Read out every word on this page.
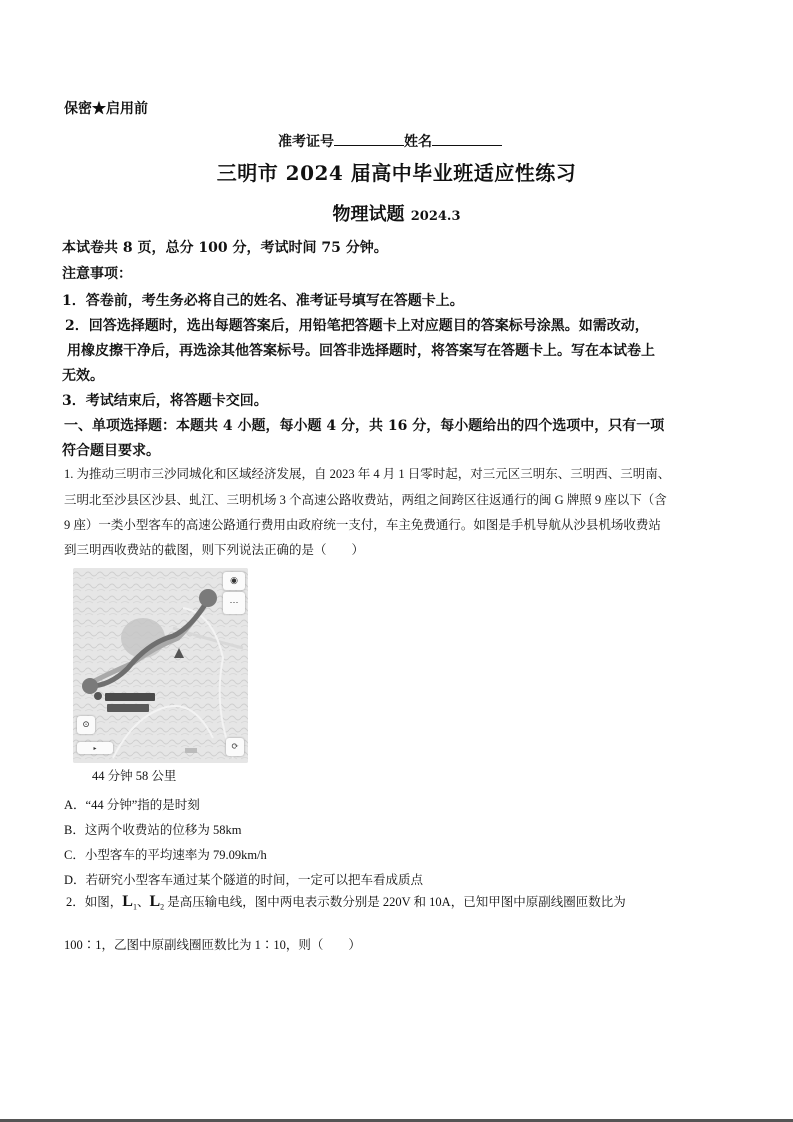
保密★启用前
准考证号	姓名
三明市 2024 届高中毕业班适应性练习
物理试题 2024.3
本试卷共 8 页，总分 100 分，考试时间 75 分钟。
注意事项：
1．答卷前，考生务必将自己的姓名、准考证号填写在答题卡上。
2．回答选择题时，选出每题答案后，用铅笔把答题卡上对应题目的答案标号涂黑。如需改动，
用橡皮擦干净后，再选涂其他答案标号。回答非选择题时，将答案写在答题卡上。写在本试卷上
无效。
3．考试结束后，将答题卡交回。
一、单项选择题：本题共 4 小题，每小题 4 分，共 16 分，每小题给出的四个选项中，只有一项
符合题目要求。
1. 为推动三明市三沙同城化和区域经济发展，自 2023 年 4 月 1 日零时起，对三元区三明东、三明西、三明南、
三明北至沙县区沙县、虬江、三明机场 3 个高速公路收费站，两组之间跨区往返通行的闽 G 牌照 9 座以下（含
9 座）一类小型客车的高速公路通行费用由政府统一支付，车主免费通行。如图是手机导航从沙县机场收费站
到三明西收费站的截图，则下列说法正确的是（　　）
◉
⋯
⊙
▸	⟳
44 分钟 58 公里
A．“44 分钟”指的是时刻
B．这两个收费站的位移为 58km
C．小型客车的平均速率为 79.09km/h
D．若研究小型客车通过某个隧道的时间，一定可以把车看成质点
2．如图，$L_1$、$L_2$ 是高压输电线，图中两电表示数分别是 220V 和 10A，已知甲图中原副线圈匝数比为
100∶1，乙图中原副线圈匝数比为 1∶10，则（　　）
